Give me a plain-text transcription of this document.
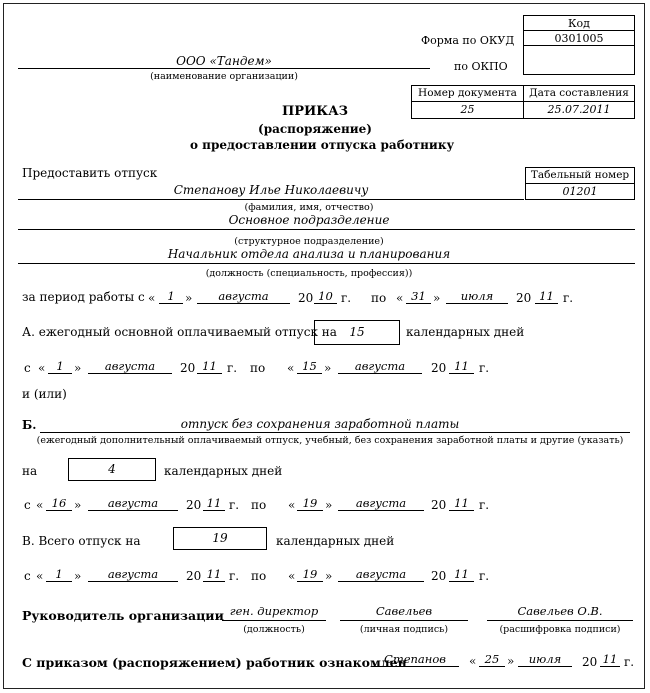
Код
Форма по ОКУД	0301005
по ОКПО
ООО «Тандем»
(наименование организации)
Номер документа	Дата составления
25	25.07.2011
ПРИКАЗ
(распоряжение)
о предоставлении отпуска работнику
Предоставить отпуск	Табельный номер
01201
Степанову Илье Николаевичу
(фамилия, имя, отчество)
Основное подразделение
(структурное подразделение)
Начальник отдела анализа и планирования
(должность (специальность, профессия))
за период работы с «	1 »	августа	20 10 г. по « 31 »	июля	20 11 г.
А. ежегодный основной оплачиваемый отпуск на	15	календарных дней
с « 1 »	августа	20 11 г. по « 15 »	августа	20 11 г.
и (или)
Б.	отпуск без сохранения заработной платы
(ежегодный дополнительный оплачиваемый отпуск, учебный, без сохранения заработной платы и другие (указать)
на	4	календарных дней
с « 16 »	августа	20 11 г. по « 19 »	августа	20 11 г.
В. Всего отпуск на	19	календарных дней
с «	1 »	августа	20 11 г. по « 19 »	августа	20 11 г.
Руководитель организации ген. директор
(должность)
Савельев
(личная подпись)
Савельев О.В.
(расшифровка подписи)
С приказом (распоряжением) работник ознакомлен
Степанов	« 25 »	июля	20 11 г.
